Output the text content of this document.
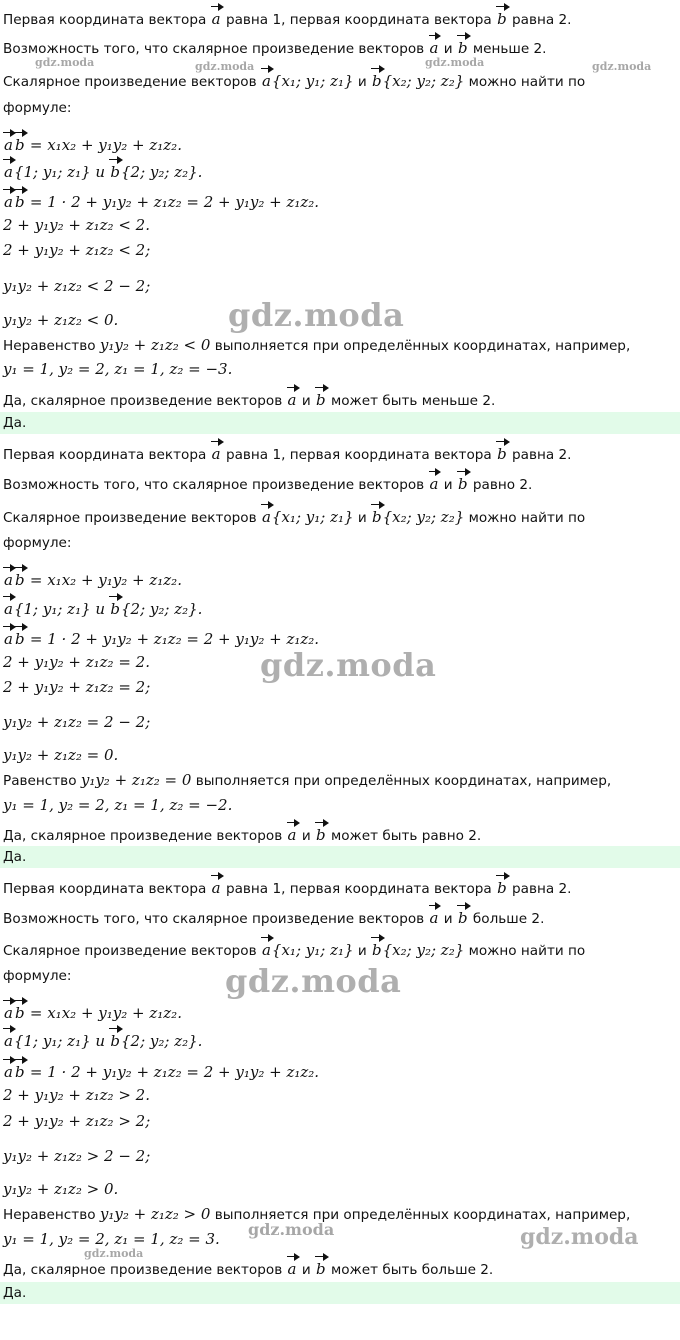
Первая координата вектора a равна 1, первая координата вектора b равна 2.
Возможность того, что скалярное произведение векторов a и b меньше 2.
Скалярное произведение векторов a{x₁; y₁; z₁} и b{x₂; y₂; z₂} можно найти по
формуле:
a b = x₁x₂ + y₁y₂ + z₁z₂.
a{1; y₁; z₁} и b{2; y₂; z₂}.
a b = 1 · 2 + y₁y₂ + z₁z₂ = 2 + y₁y₂ + z₁z₂.
2 + y₁y₂ + z₁z₂ < 2.
2 + y₁y₂ + z₁z₂ < 2;
y₁y₂ + z₁z₂ < 2 − 2;
y₁y₂ + z₁z₂ < 0.
Неравенство y₁y₂ + z₁z₂ < 0 выполняется при определённых координатах, например,
y₁ = 1, y₂ = 2, z₁ = 1, z₂ = −3.
Да, скалярное произведение векторов a и b может быть меньше 2.
Да.
Первая координата вектора a равна 1, первая координата вектора b равна 2.
Возможность того, что скалярное произведение векторов a и b равно 2.
Скалярное произведение векторов a{x₁; y₁; z₁} и b{x₂; y₂; z₂} можно найти по
формуле:
a b = x₁x₂ + y₁y₂ + z₁z₂.
a{1; y₁; z₁} и b{2; y₂; z₂}.
a b = 1 · 2 + y₁y₂ + z₁z₂ = 2 + y₁y₂ + z₁z₂.
2 + y₁y₂ + z₁z₂ = 2.
2 + y₁y₂ + z₁z₂ = 2;
y₁y₂ + z₁z₂ = 2 − 2;
y₁y₂ + z₁z₂ = 0.
Равенство y₁y₂ + z₁z₂ = 0 выполняется при определённых координатах, например,
y₁ = 1, y₂ = 2, z₁ = 1, z₂ = −2.
Да, скалярное произведение векторов a и b может быть равно 2.
Да.
Первая координата вектора a равна 1, первая координата вектора b равна 2.
Возможность того, что скалярное произведение векторов a и b больше 2.
Скалярное произведение векторов a{x₁; y₁; z₁} и b{x₂; y₂; z₂} можно найти по
формуле:
a b = x₁x₂ + y₁y₂ + z₁z₂.
a{1; y₁; z₁} и b{2; y₂; z₂}.
a b = 1 · 2 + y₁y₂ + z₁z₂ = 2 + y₁y₂ + z₁z₂.
2 + y₁y₂ + z₁z₂ > 2.
2 + y₁y₂ + z₁z₂ > 2;
y₁y₂ + z₁z₂ > 2 − 2;
y₁y₂ + z₁z₂ > 0.
Неравенство y₁y₂ + z₁z₂ > 0 выполняется при определённых координатах, например,
y₁ = 1, y₂ = 2, z₁ = 1, z₂ = 3.
Да, скалярное произведение векторов a и b может быть больше 2.
Да.
gdz.moda	gdz.moda	gdz.moda	gdz.moda
gdz.moda
gdz.moda
gdz.moda
gdz.moda
gdz.moda
gdz.moda
